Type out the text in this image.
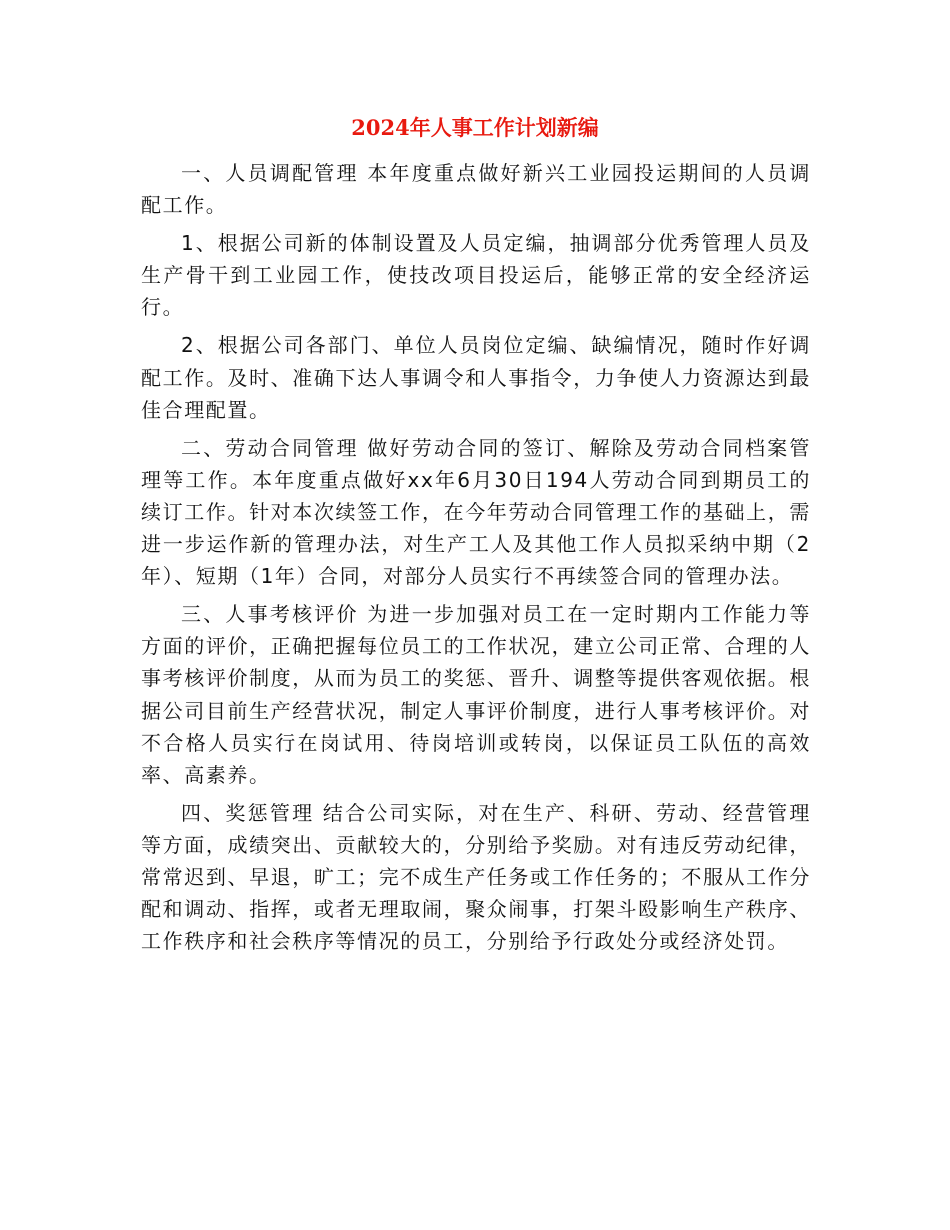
2024年人事工作计划新编

一、人员调配管理 本年度重点做好新兴工业园投运期间的人员调配工作。

1、根据公司新的体制设置及人员定编，抽调部分优秀管理人员及生产骨干到工业园工作，使技改项目投运后，能够正常的安全经济运行。

2、根据公司各部门、单位人员岗位定编、缺编情况，随时作好调配工作。及时、准确下达人事调令和人事指令，力争使人力资源达到最佳合理配置。

二、劳动合同管理 做好劳动合同的签订、解除及劳动合同档案管理等工作。本年度重点做好xx年6月30日194人劳动合同到期员工的续订工作。针对本次续签工作，在今年劳动合同管理工作的基础上，需进一步运作新的管理办法，对生产工人及其他工作人员拟采纳中期（2年）、短期（1年）合同，对部分人员实行不再续签合同的管理办法。

三、人事考核评价 为进一步加强对员工在一定时期内工作能力等方面的评价，正确把握每位员工的工作状况，建立公司正常、合理的人事考核评价制度，从而为员工的奖惩、晋升、调整等提供客观依据。根据公司目前生产经营状况，制定人事评价制度，进行人事考核评价。对不合格人员实行在岗试用、待岗培训或转岗，以保证员工队伍的高效率、高素养。

四、奖惩管理 结合公司实际，对在生产、科研、劳动、经营管理等方面，成绩突出、贡献较大的，分别给予奖励。对有违反劳动纪律，常常迟到、早退，旷工；完不成生产任务或工作任务的；不服从工作分配和调动、指挥，或者无理取闹，聚众闹事，打架斗殴影响生产秩序、工作秩序和社会秩序等情况的员工，分别给予行政处分或经济处罚。
